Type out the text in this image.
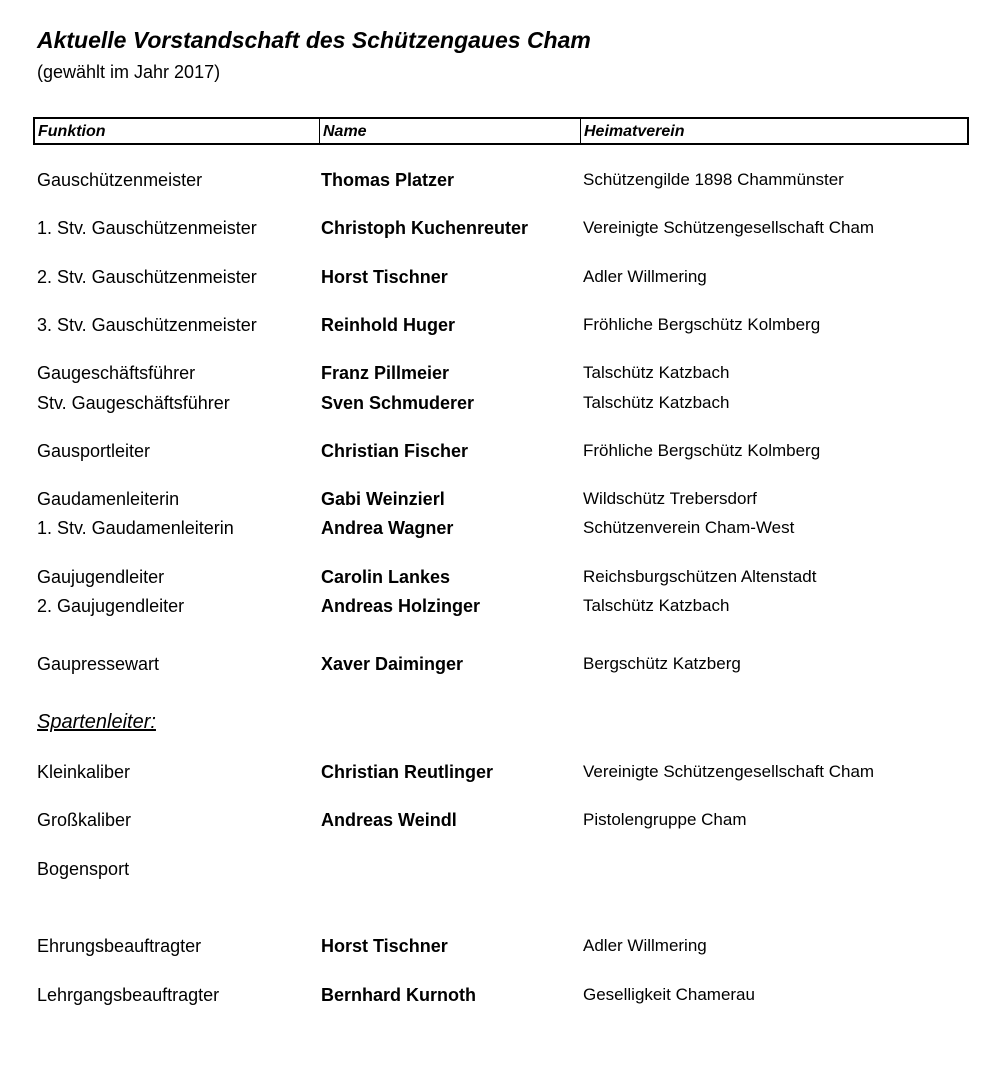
Aktuelle Vorstandschaft des Schützengaues Cham
(gewählt im Jahr 2017)
Funktion	Name	Heimatverein
Gauschützenmeister	Thomas Platzer	Schützengilde 1898 Chammünster
1. Stv. Gauschützenmeister	Christoph Kuchenreuter	Vereinigte Schützengesellschaft Cham
2. Stv. Gauschützenmeister	Horst Tischner	Adler Willmering
3. Stv. Gauschützenmeister	Reinhold Huger	Fröhliche Bergschütz Kolmberg
Gaugeschäftsführer	Franz Pillmeier	Talschütz Katzbach
Stv. Gaugeschäftsführer	Sven Schmuderer	Talschütz Katzbach
Gausportleiter	Christian Fischer	Fröhliche Bergschütz Kolmberg
Gaudamenleiterin	Gabi Weinzierl	Wildschütz Trebersdorf
1. Stv. Gaudamenleiterin	Andrea Wagner	Schützenverein Cham-West
Gaujugendleiter	Carolin Lankes	Reichsburgschützen Altenstadt
2. Gaujugendleiter	Andreas Holzinger	Talschütz Katzbach
Gaupressewart	Xaver Daiminger	Bergschütz Katzberg
Spartenleiter:
Kleinkaliber	Christian Reutlinger	Vereinigte Schützengesellschaft Cham
Großkaliber	Andreas Weindl	Pistolengruppe Cham
Bogensport
Ehrungsbeauftragter	Horst Tischner	Adler Willmering
Lehrgangsbeauftragter	Bernhard Kurnoth	Geselligkeit Chamerau
